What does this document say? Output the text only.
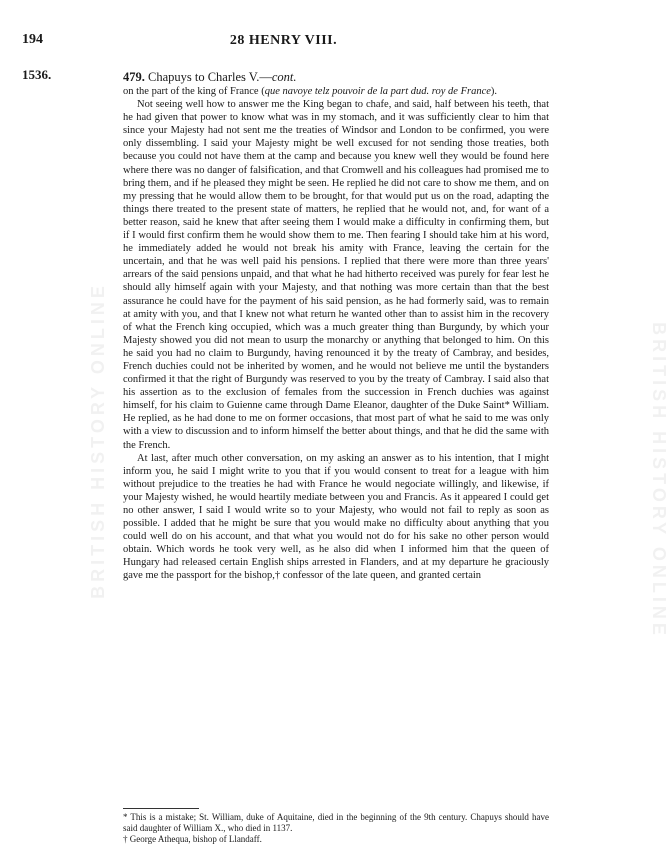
BRITISH HISTORY ONLINE	BRITISH HISTORY ONLINE
194	28 HENRY VIII.
1536.	479. Chapuys to Charles V.—cont.

on the part of the king of France (que navoye telz pouvoir de la part dud. roy de France).

Not seeing well how to answer me the King began to chafe, and said, half between his teeth, that he had given that power to know what was in my stomach, and it was sufficiently clear to him that since your Majesty had not sent me the treaties of Windsor and London to be confirmed, you were only dissembling. I said your Majesty might be well excused for not sending those treaties, both because you could not have them at the camp and because you knew well they would be found here where there was no danger of falsification, and that Cromwell and his colleagues had promised me to bring them, and if he pleased they might be seen. He replied he did not care to show me them, and on my pressing that he would allow them to be brought, for that would put us on the road, adapting the things there treated to the present state of matters, he replied that he would not, and, for want of a better reason, said he knew that after seeing them I would make a difficulty in confirming them, but if I would first confirm them he would show them to me. Then fearing I should take him at his word, he immediately added he would not break his amity with France, leaving the certain for the uncertain, and that he was well paid his pensions. I replied that there were more than three years' arrears of the said pensions unpaid, and that what he had hitherto received was purely for fear lest he should ally himself again with your Majesty, and that nothing was more certain than that the best assurance he could have for the payment of his said pension, as he had formerly said, was to remain at amity with you, and that I knew not what return he wanted other than to assist him in the recovery of what the French king occupied, which was a much greater thing than Burgundy, by which your Majesty showed you did not mean to usurp the monarchy or anything that belonged to him. On this he said you had no claim to Burgundy, having renounced it by the treaty of Cambray, and besides, French duchies could not be inherited by women, and he would not believe me until the bystanders confirmed it that the right of Burgundy was reserved to you by the treaty of Cambray. I said also that his assertion as to the exclusion of females from the succession in French duchies was against himself, for his claim to Guienne came through Dame Eleanor, daughter of the Duke Saint* William. He replied, as he had done to me on former occasions, that most part of what he said to me was only with a view to discussion and to inform himself the better about things, and that he did the same with the French.

At last, after much other conversation, on my asking an answer as to his intention, that I might inform you, he said I might write to you that if you would consent to treat for a league with him without prejudice to the treaties he had with France he would negociate willingly, and likewise, if your Majesty wished, he would heartily mediate between you and Francis. As it appeared I could get no other answer, I said I would write so to your Majesty, who would not fail to reply as soon as possible. I added that he might be sure that you would make no difficulty about anything that you could well do on his account, and that what you would not do for his sake no other person would obtain. Which words he took very well, as he also did when I informed him that the queen of Hungary had released certain English ships arrested in Flanders, and at my departure he graciously gave me the passport for the bishop,† confessor of the late queen, and granted certain

* This is a mistake; St. William, duke of Aquitaine, died in the beginning of the 9th century. Chapuys should have said daughter of William X., who died in 1137.

† George Athequa, bishop of Llandaff.
